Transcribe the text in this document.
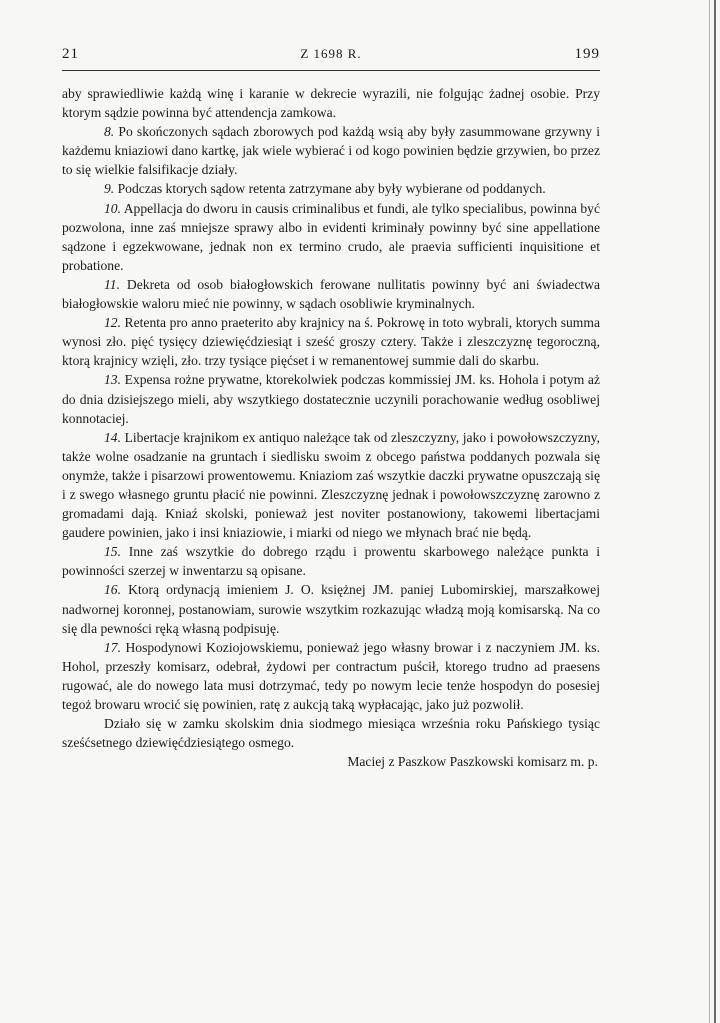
21	Z 1698 R.	199

aby sprawiedliwie każdą winę i karanie w dekrecie wyrazili, nie folgując żadnej osobie. Przy ktorym sądzie powinna być attendencja zamkowa.

8. Po skończonych sądach zborowych pod każdą wsią aby były zasummowane grzywny i każdemu kniaziowi dano kartkę, jak wiele wybierać i od kogo powinien będzie grzywien, bo przez to się wielkie falsifikacje działy.

9. Podczas ktorych sądow retenta zatrzymane aby były wybierane od poddanych.

10. Appellacja do dworu in causis criminalibus et fundi, ale tylko specialibus, powinna być pozwolona, inne zaś mniejsze sprawy albo in evidenti kriminały powinny być sine appellatione sądzone i egzekwowane, jednak non ex termino crudo, ale praevia sufficienti inquisitione et probatione.

11. Dekreta od osob białogłowskich ferowane nullitatis powinny być ani świadectwa białogłowskie waloru mieć nie powinny, w sądach osobliwie kryminalnych.

12. Retenta pro anno praeterito aby krajnicy na ś. Pokrowę in toto wybrali, ktorych summa wynosi zło. pięć tysięcy dziewięćdziesiąt i sześć groszy cztery. Także i zleszczyznę tegoroczną, ktorą krajnicy wzięli, zło. trzy tysiące pięćset i w remanentowej summie dali do skarbu.

13. Expensa rożne prywatne, ktorekolwiek podczas kommissiej JM. ks. Hohola i potym aż do dnia dzisiejszego mieli, aby wszytkiego dostatecznie uczynili porachowanie według osobliwej konnotaciej.

14. Libertacje krajnikom ex antiquo należące tak od zleszczyzny, jako i powołowszczyzny, także wolne osadzanie na gruntach i siedlisku swoim z obcego państwa poddanych pozwala się onymże, także i pisarzowi prowentowemu. Kniaziom zaś wszytkie daczki prywatne opuszczają się i z swego własnego gruntu płacić nie powinni. Zleszczyznę jednak i powołowszczyznę zarowno z gromadami dają. Kniaź skolski, ponieważ jest noviter postanowiony, takowemi libertacjami gaudere powinien, jako i insi kniaziowie, i miarki od niego we młynach brać nie będą.

15. Inne zaś wszytkie do dobrego rządu i prowentu skarbowego należące punkta i powinności szerzej w inwentarzu są opisane.

16. Ktorą ordynacją imieniem J. O. księżnej JM. paniej Lubomirskiej, marszałkowej nadwornej koronnej, postanowiam, surowie wszytkim rozkazując władzą moją komisarską. Na co się dla pewności ręką własną podpisuję.

17. Hospodynowi Koziojowskiemu, ponieważ jego własny browar i z naczyniem JM. ks. Hohol, przeszły komisarz, odebrał, żydowi per contractum puścił, ktorego trudno ad praesens rugować, ale do nowego lata musi dotrzymać, tedy po nowym lecie tenże hospodyn do posesiej tegoż browaru wrocić się powinien, ratę z aukcją taką wypłacając, jako już pozwolił.

Działo się w zamku skolskim dnia siodmego miesiąca września roku Pańskiego tysiąc sześćsetnego dziewięćdziesiątego osmego.

Maciej z Paszkow Paszkowski komisarz m. p.
